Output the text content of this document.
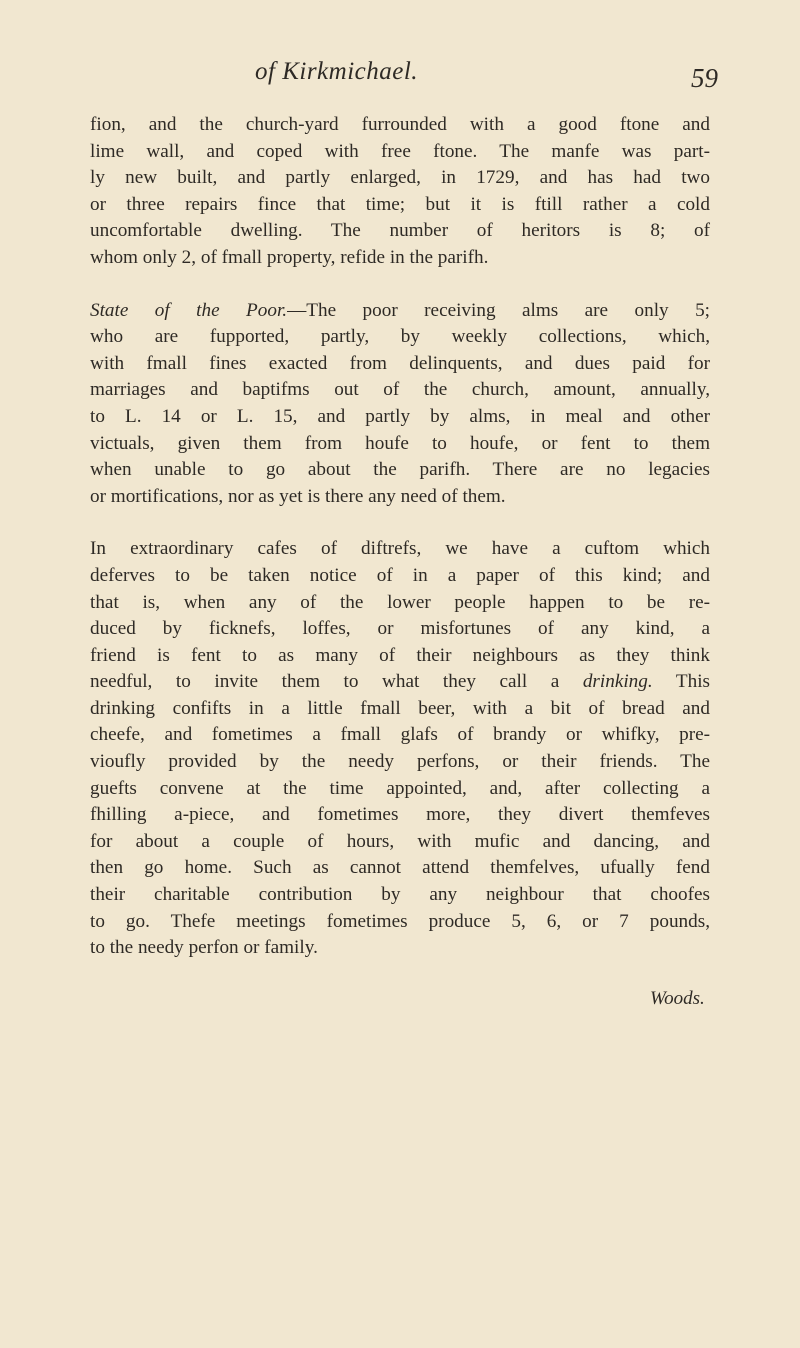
of Kirkmichael.	59
fion, and the church-yard furrounded with a good ftone and
lime wall, and coped with free ftone. The manfe was part-
ly new built, and partly enlarged, in 1729, and has had two
or three repairs fince that time; but it is ftill rather a cold
uncomfortable dwelling. The number of heritors is 8; of
whom only 2, of fmall property, refide in the parifh.
State of the Poor.—The poor receiving alms are only 5;
who are fupported, partly, by weekly collections, which,
with fmall fines exacted from delinquents, and dues paid for
marriages and baptifms out of the church, amount, annually,
to L. 14 or L. 15, and partly by alms, in meal and other
victuals, given them from houfe to houfe, or fent to them
when unable to go about the parifh. There are no legacies
or mortifications, nor as yet is there any need of them.
In extraordinary cafes of diftrefs, we have a cuftom which
deferves to be taken notice of in a paper of this kind; and
that is, when any of the lower people happen to be re-
duced by ficknefs, loffes, or misfortunes of any kind, a
friend is fent to as many of their neighbours as they think
needful, to invite them to what they call a drinking. This
drinking confifts in a little fmall beer, with a bit of bread and
cheefe, and fometimes a fmall glafs of brandy or whifky, pre-
vioufly provided by the needy perfons, or their friends. The
guefts convene at the time appointed, and, after collecting a
fhilling a-piece, and fometimes more, they divert themfeves
for about a couple of hours, with mufic and dancing, and
then go home. Such as cannot attend themfelves, ufually fend
their charitable contribution by any neighbour that choofes
to go. Thefe meetings fometimes produce 5, 6, or 7 pounds,
to the needy perfon or family.
Woods.
